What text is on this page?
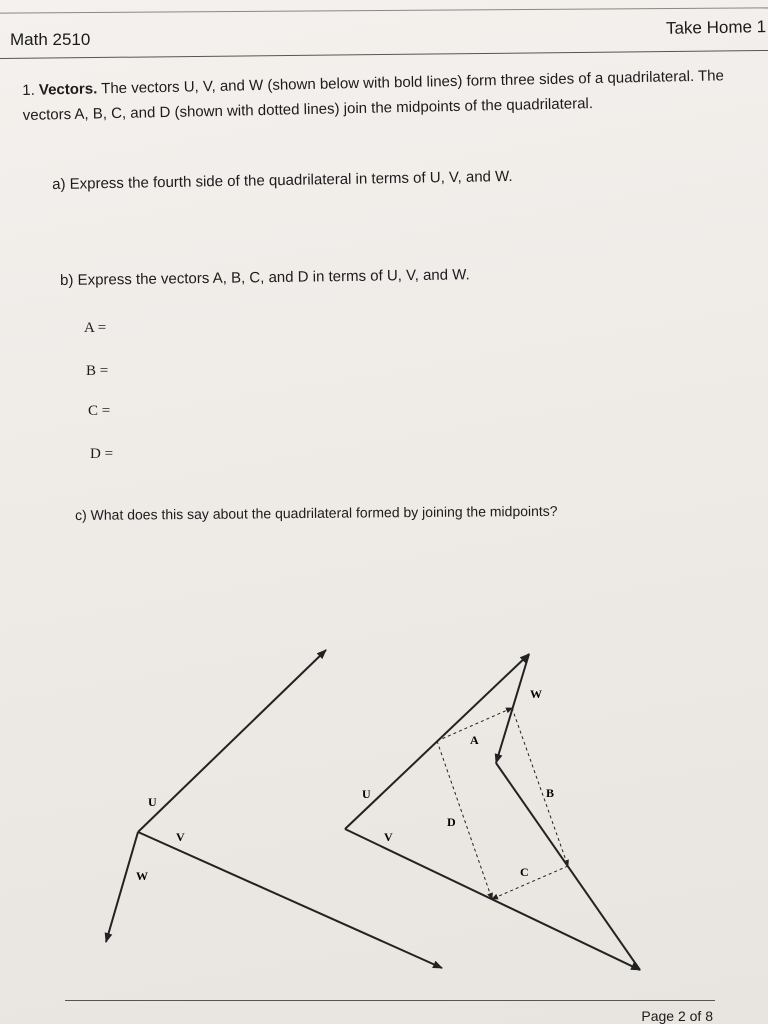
Math 2510
Take Home 1
1. Vectors. The vectors U, V, and W (shown below with bold lines) form three sides of a quadrilateral. The vectors A, B, C, and D (shown with dotted lines) join the midpoints of the quadrilateral.
a) Express the fourth side of the quadrilateral in terms of U, V, and W.
b) Express the vectors A, B, C, and D in terms of U, V, and W.
A =
B =
C =
D =
c) What does this say about the quadrilateral formed by joining the midpoints?
U
V
W
U
V
W
A
B
C
D
Page 2 of 8
